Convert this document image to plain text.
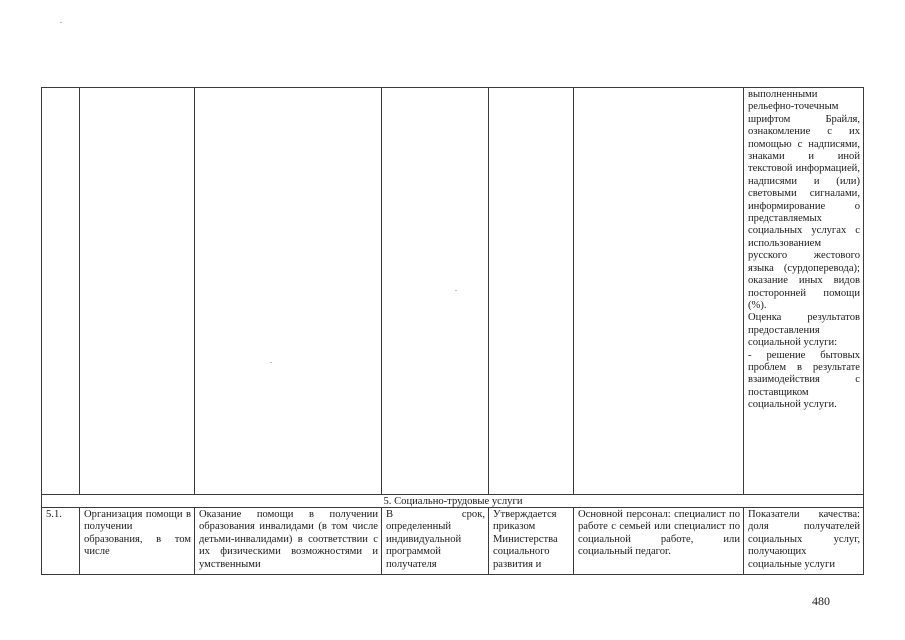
						выполненными рельефно-точечным шрифтом Брайля, ознакомление с их помощью с надписями, знаками и иной текстовой информацией, надписями и (или) световыми сигналами, информирование о представляемых социальных услугах с использованием русского жестового языка (сурдоперевода); оказание иных видов посторонней помощи (%).
Оценка результатов предоставления социальной услуги:
- решение бытовых проблем в результате взаимодействия с поставщиком социальной услуги.

5. Социально-трудовые услуги						
5.1.	Организация помощи в получении образования, в том числе	Оказание помощи в получении образования инвалидами (в том числе детьми-инвалидами) в соответствии с их физическими возможностями и умственными	В срок, определенный индивидуальной программой получателя	Утверждается приказом Министерства социального развития и	Основной персонал: специалист по работе с семьей или специалист по социальной работе, или социальный педагог.	Показатели качества: доля получателей социальных услуг, получающих социальные услуги
480
